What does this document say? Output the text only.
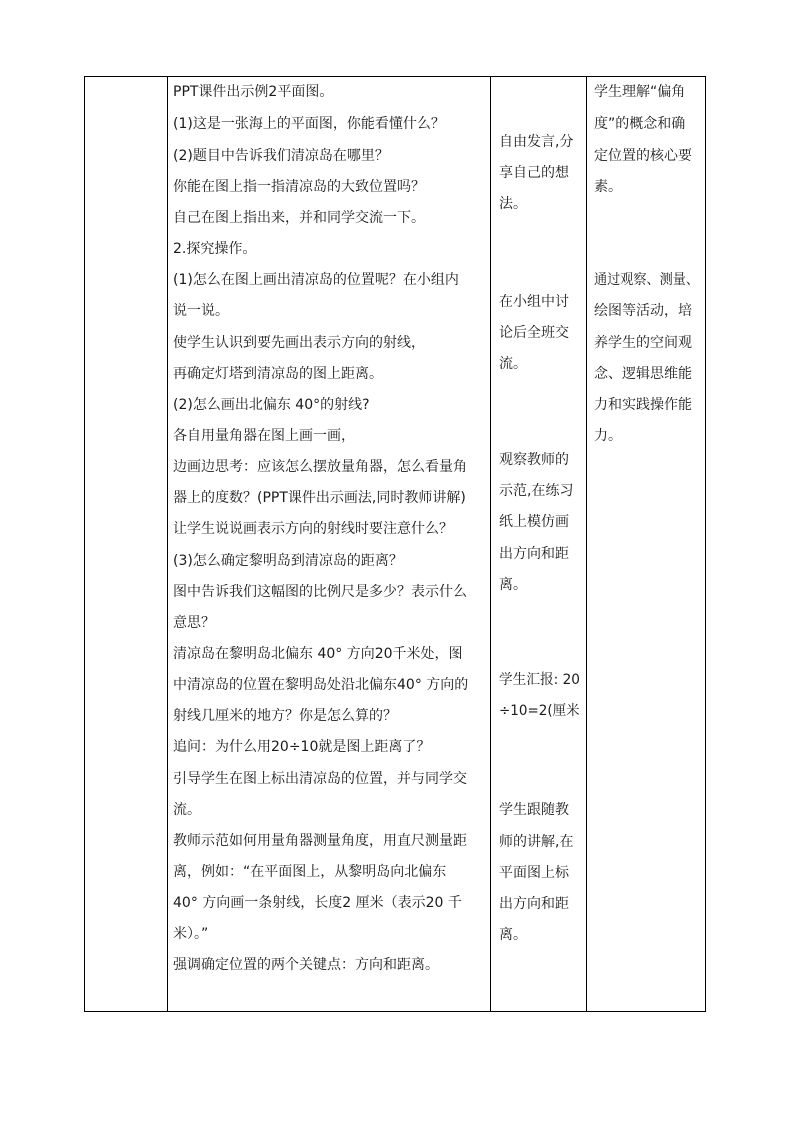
PPT课件出示例2平面图。
(1)这是一张海上的平面图，你能看懂什么？
(2)题目中告诉我们清凉岛在哪里？
你能在图上指一指清凉岛的大致位置吗？
自己在图上指出来，并和同学交流一下。
2.探究操作。
(1)怎么在图上画出清凉岛的位置呢？在小组内
说一说。
使学生认识到要先画出表示方向的射线，
再确定灯塔到清凉岛的图上距离。
(2)怎么画出北偏东 40°的射线?
各自用量角器在图上画一画，
边画边思考：应该怎么摆放量角器，怎么看量角
器上的度数？(PPT课件出示画法,同时教师讲解)
让学生说说画表示方向的射线时要注意什么？
(3)怎么确定黎明岛到清凉岛的距离？
图中告诉我们这幅图的比例尺是多少？表示什么
意思？
清凉岛在黎明岛北偏东 40° 方向20千米处，图
中清凉岛的位置在黎明岛处沿北偏东40° 方向的
射线几厘米的地方？你是怎么算的？
追问：为什么用20÷10就是图上距离了？
引导学生在图上标出清凉岛的位置，并与同学交
流。
教师示范如何用量角器测量角度，用直尺测量距
离，例如：“在平面图上，从黎明岛向北偏东
40° 方向画一条射线，长度2 厘米（表示20 千
米）。”
强调确定位置的两个关键点：方向和距离。
自由发言,分
享自己的想
法。
在小组中讨
论后全班交
流。
观察教师的
示范,在练习
纸上模仿画
出方向和距
离。
学生汇报: 20
÷10=2(厘米
学生跟随教
师的讲解,在
平面图上标
出方向和距
离。
学生理解“偏角
度”的概念和确
定位置的核心要
素。
通过观察、测量、
绘图等活动，培
养学生的空间观
念、逻辑思维能
力和实践操作能
力。
